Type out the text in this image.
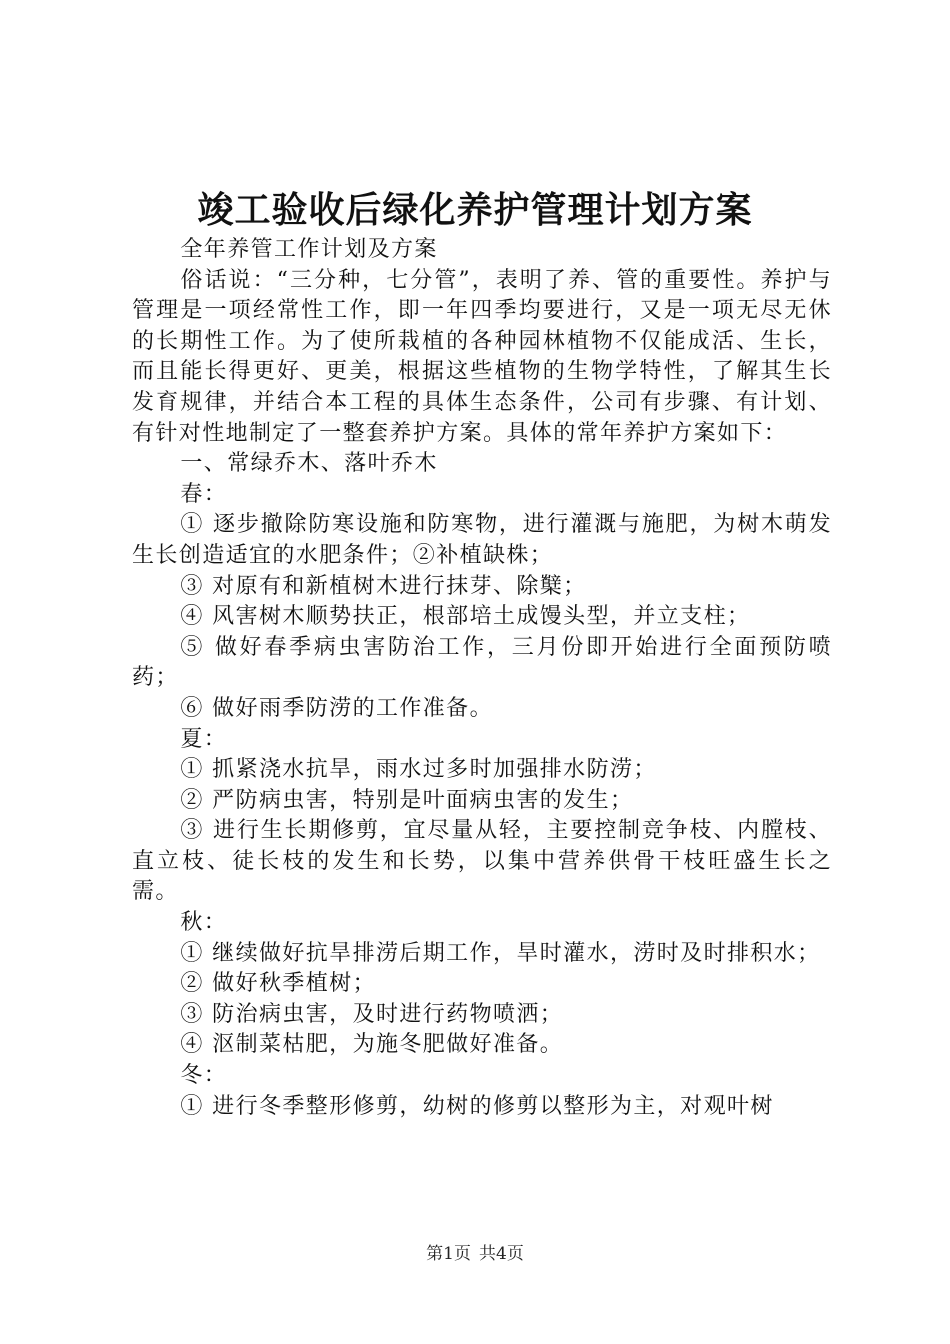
竣工验收后绿化养护管理计划方案

全年养管工作计划及方案

俗话说：“三分种，七分管”，表明了养、管的重要性。养护与管理是一项经常性工作，即一年四季均要进行，又是一项无尽无休的长期性工作。为了使所栽植的各种园林植物不仅能成活、生长，而且能长得更好、更美，根据这些植物的生物学特性，了解其生长发育规律，并结合本工程的具体生态条件，公司有步骤、有计划、有针对性地制定了一整套养护方案。具体的常年养护方案如下：

一、常绿乔木、落叶乔木

春：

① 逐步撤除防寒设施和防寒物，进行灌溉与施肥，为树木萌发生长创造适宜的水肥条件；②补植缺株；

③ 对原有和新植树木进行抹芽、除櫱；

④ 风害树木顺势扶正，根部培土成馒头型，并立支柱；

⑤ 做好春季病虫害防治工作，三月份即开始进行全面预防喷药；

⑥ 做好雨季防涝的工作准备。

夏：

① 抓紧浇水抗旱，雨水过多时加强排水防涝；

② 严防病虫害，特别是叶面病虫害的发生；

③ 进行生长期修剪，宜尽量从轻，主要控制竞争枝、内膛枝、直立枝、徒长枝的发生和长势，以集中营养供骨干枝旺盛生长之需。

秋：

① 继续做好抗旱排涝后期工作，旱时灌水，涝时及时排积水；

② 做好秋季植树；

③ 防治病虫害，及时进行药物喷洒；

④ 沤制菜枯肥，为施冬肥做好准备。

冬：

① 进行冬季整形修剪，幼树的修剪以整形为主，对观叶树

第1页 共4页
